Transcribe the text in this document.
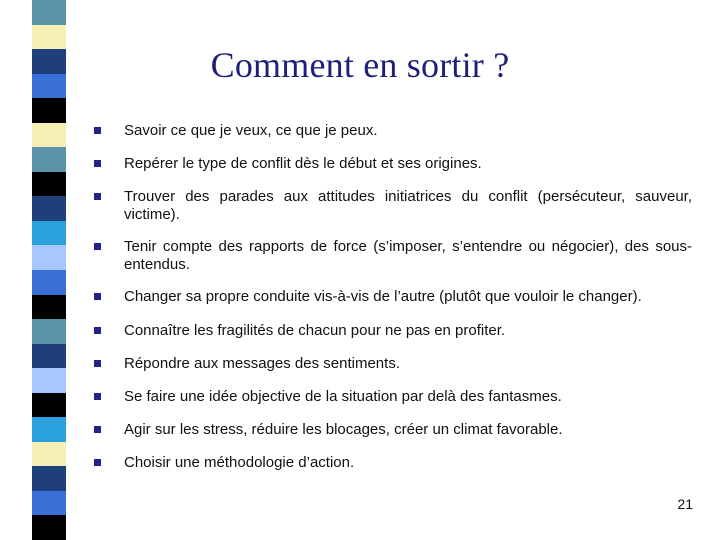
Comment en sortir ?
Savoir ce que je veux, ce que je peux.
Repérer le type de conflit dès le début et ses origines.
Trouver des parades aux attitudes initiatrices du conflit (persécuteur, sauveur, victime).
Tenir compte des rapports de force (s’imposer, s’entendre ou négocier), des sous-entendus.
Changer sa propre conduite vis-à-vis de l’autre (plutôt que vouloir le changer).
Connaître les fragilités de chacun pour ne pas en profiter.
Répondre aux messages des sentiments.
Se faire une idée objective de la situation par delà des fantasmes.
Agir sur les stress, réduire les blocages, créer un climat favorable.
Choisir une méthodologie d’action.
21
